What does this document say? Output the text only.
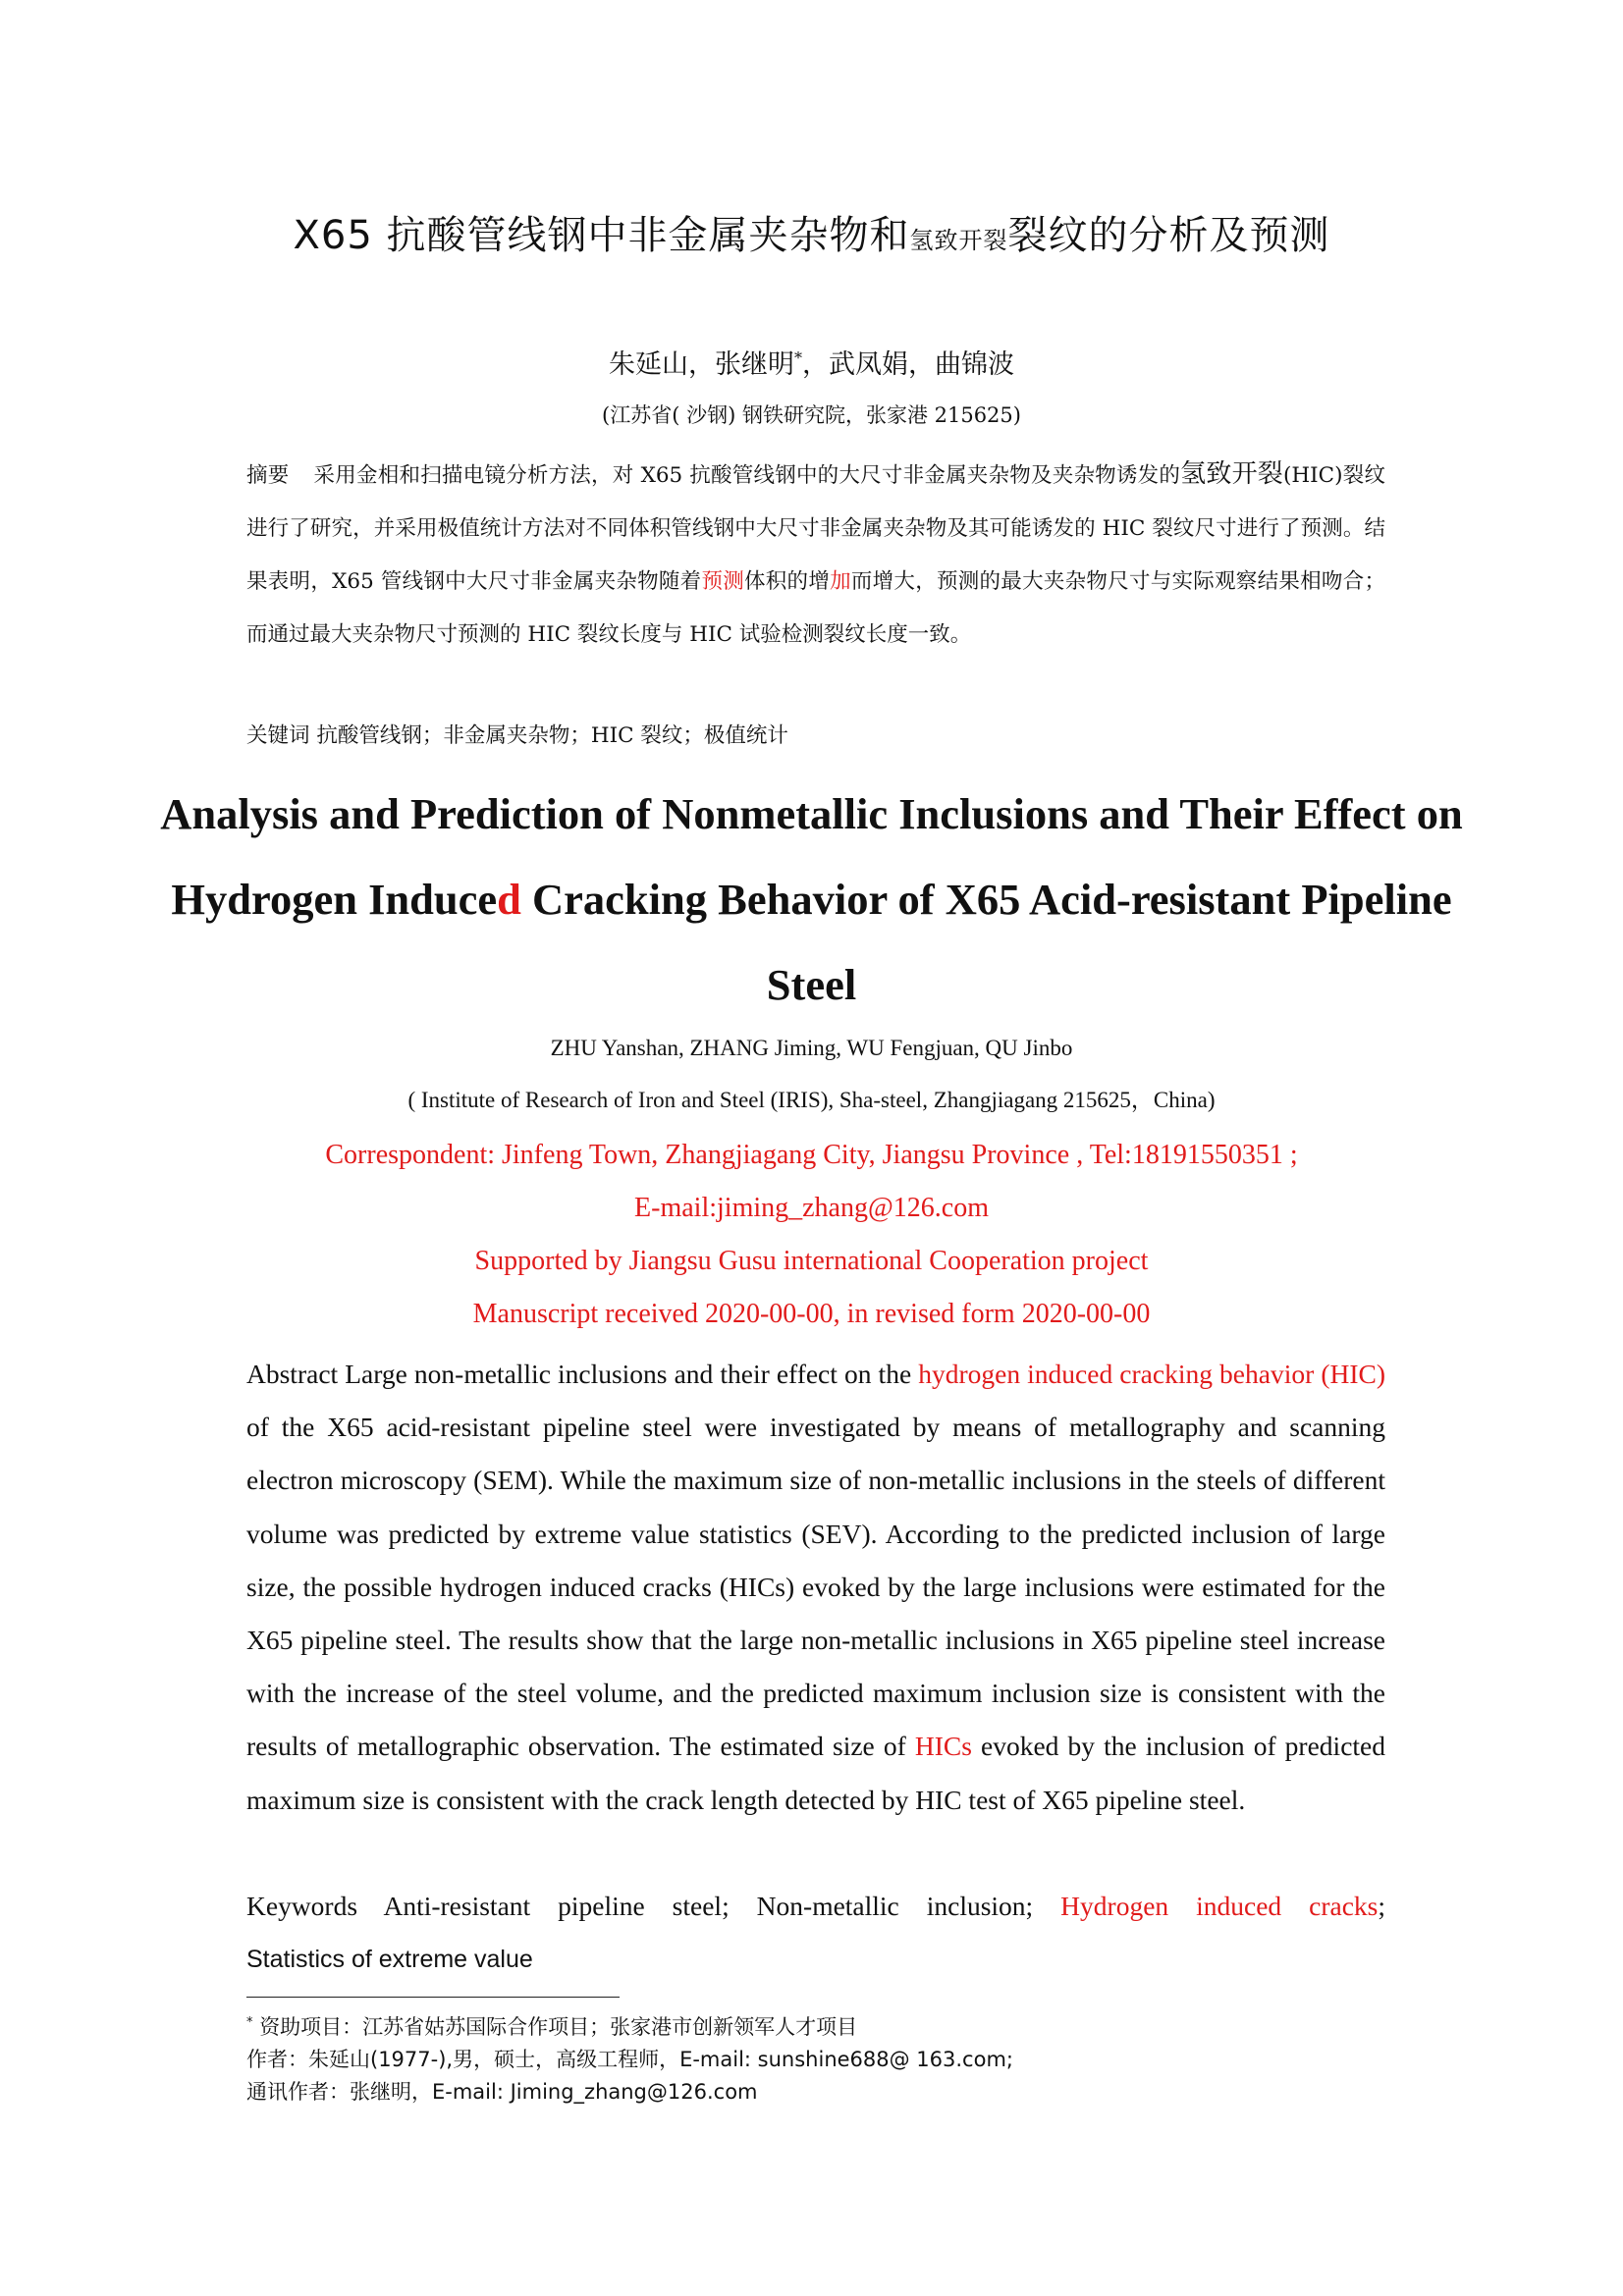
X65 抗酸管线钢中非金属夹杂物和氢致开裂裂纹的分析及预测
朱延山，张继明*，武凤娟，曲锦波
(江苏省( 沙钢) 钢铁研究院，张家港 215625)
摘要 采用金相和扫描电镜分析方法，对 X65 抗酸管线钢中的大尺寸非金属夹杂物及夹杂物诱发的氢致开裂(HIC)裂纹进行了研究，并采用极值统计方法对不同体积管线钢中大尺寸非金属夹杂物及其可能诱发的 HIC 裂纹尺寸进行了预测。结果表明，X65 管线钢中大尺寸非金属夹杂物随着预测体积的增加而增大，预测的最大夹杂物尺寸与实际观察结果相吻合；而通过最大夹杂物尺寸预测的 HIC 裂纹长度与 HIC 试验检测裂纹长度一致。
关键词 抗酸管线钢；非金属夹杂物；HIC 裂纹；极值统计
Analysis and Prediction of Nonmetallic Inclusions and Their Effect on Hydrogen Induced Cracking Behavior of X65 Acid-resistant Pipeline Steel
ZHU Yanshan, ZHANG Jiming, WU Fengjuan, QU Jinbo
( Institute of Research of Iron and Steel (IRIS), Sha-steel, Zhangjiagang 215625，China)
Correspondent: Jinfeng Town, Zhangjiagang City, Jiangsu Province , Tel:18191550351 ;
E-mail:jiming_zhang@126.com
Supported by Jiangsu Gusu international Cooperation project
Manuscript received 2020-00-00, in revised form 2020-00-00
Abstract Large non-metallic inclusions and their effect on the hydrogen induced cracking behavior (HIC) of the X65 acid-resistant pipeline steel were investigated by means of metallography and scanning electron microscopy (SEM). While the maximum size of non-metallic inclusions in the steels of different volume was predicted by extreme value statistics (SEV). According to the predicted inclusion of large size, the possible hydrogen induced cracks (HICs) evoked by the large inclusions were estimated for the X65 pipeline steel. The results show that the large non-metallic inclusions in X65 pipeline steel increase with the increase of the steel volume, and the predicted maximum inclusion size is consistent with the results of metallographic observation. The estimated size of HICs evoked by the inclusion of predicted maximum size is consistent with the crack length detected by HIC test of X65 pipeline steel.
Keywords Anti-resistant pipeline steel; Non-metallic inclusion; Hydrogen induced cracks;
Statistics of extreme value
* 资助项目：江苏省姑苏国际合作项目；张家港市创新领军人才项目
作者：朱延山(1977-),男，硕士，高级工程师，E-mail: sunshine688@ 163.com;
通讯作者：张继明，E-mail: Jiming_zhang@126.com
